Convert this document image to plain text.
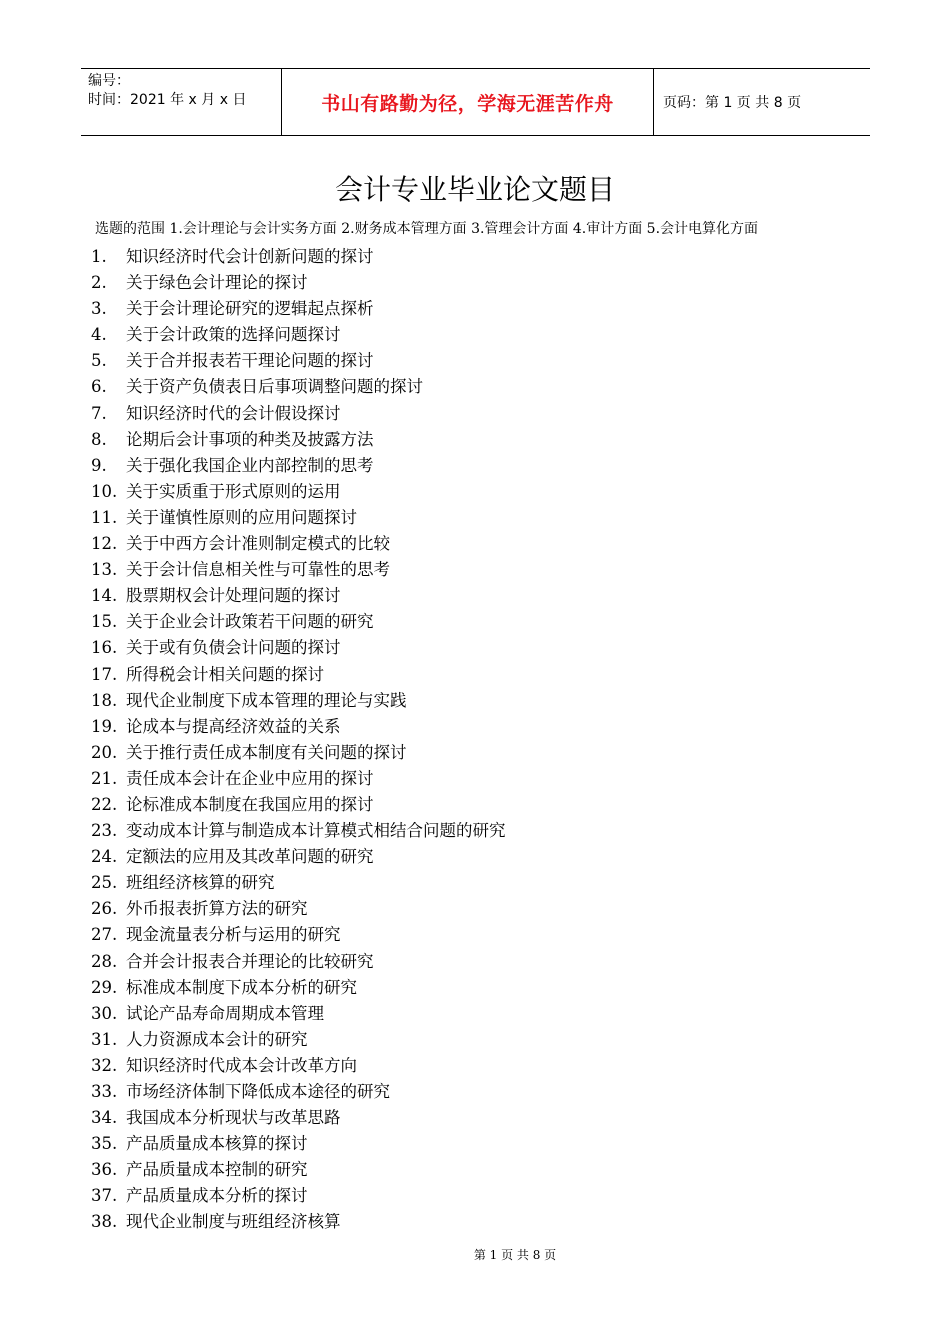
编号：
时间：2021 年 x 月 x 日	书山有路勤为径，学海无涯苦作舟	页码：第 1 页 共 8 页
会计专业毕业论文题目
选题的范围 1.会计理论与会计实务方面 2.财务成本管理方面 3.管理会计方面 4.审计方面 5.会计电算化方面
1. 知识经济时代会计创新问题的探讨
2. 关于绿色会计理论的探讨
3. 关于会计理论研究的逻辑起点探析
4. 关于会计政策的选择问题探讨
5. 关于合并报表若干理论问题的探讨
6. 关于资产负债表日后事项调整问题的探讨
7. 知识经济时代的会计假设探讨
8. 论期后会计事项的种类及披露方法
9. 关于强化我国企业内部控制的思考
10. 关于实质重于形式原则的运用
11. 关于谨慎性原则的应用问题探讨
12. 关于中西方会计准则制定模式的比较
13. 关于会计信息相关性与可靠性的思考
14. 股票期权会计处理问题的探讨
15. 关于企业会计政策若干问题的研究
16. 关于或有负债会计问题的探讨
17. 所得税会计相关问题的探讨
18. 现代企业制度下成本管理的理论与实践
19. 论成本与提高经济效益的关系
20. 关于推行责任成本制度有关问题的探讨
21. 责任成本会计在企业中应用的探讨
22. 论标准成本制度在我国应用的探讨
23. 变动成本计算与制造成本计算模式相结合问题的研究
24. 定额法的应用及其改革问题的研究
25. 班组经济核算的研究
26. 外币报表折算方法的研究
27. 现金流量表分析与运用的研究
28. 合并会计报表合并理论的比较研究
29. 标准成本制度下成本分析的研究
30. 试论产品寿命周期成本管理
31. 人力资源成本会计的研究
32. 知识经济时代成本会计改革方向
33. 市场经济体制下降低成本途径的研究
34. 我国成本分析现状与改革思路
35. 产品质量成本核算的探讨
36. 产品质量成本控制的研究
37. 产品质量成本分析的探讨
38. 现代企业制度与班组经济核算
第 1 页 共 8 页
